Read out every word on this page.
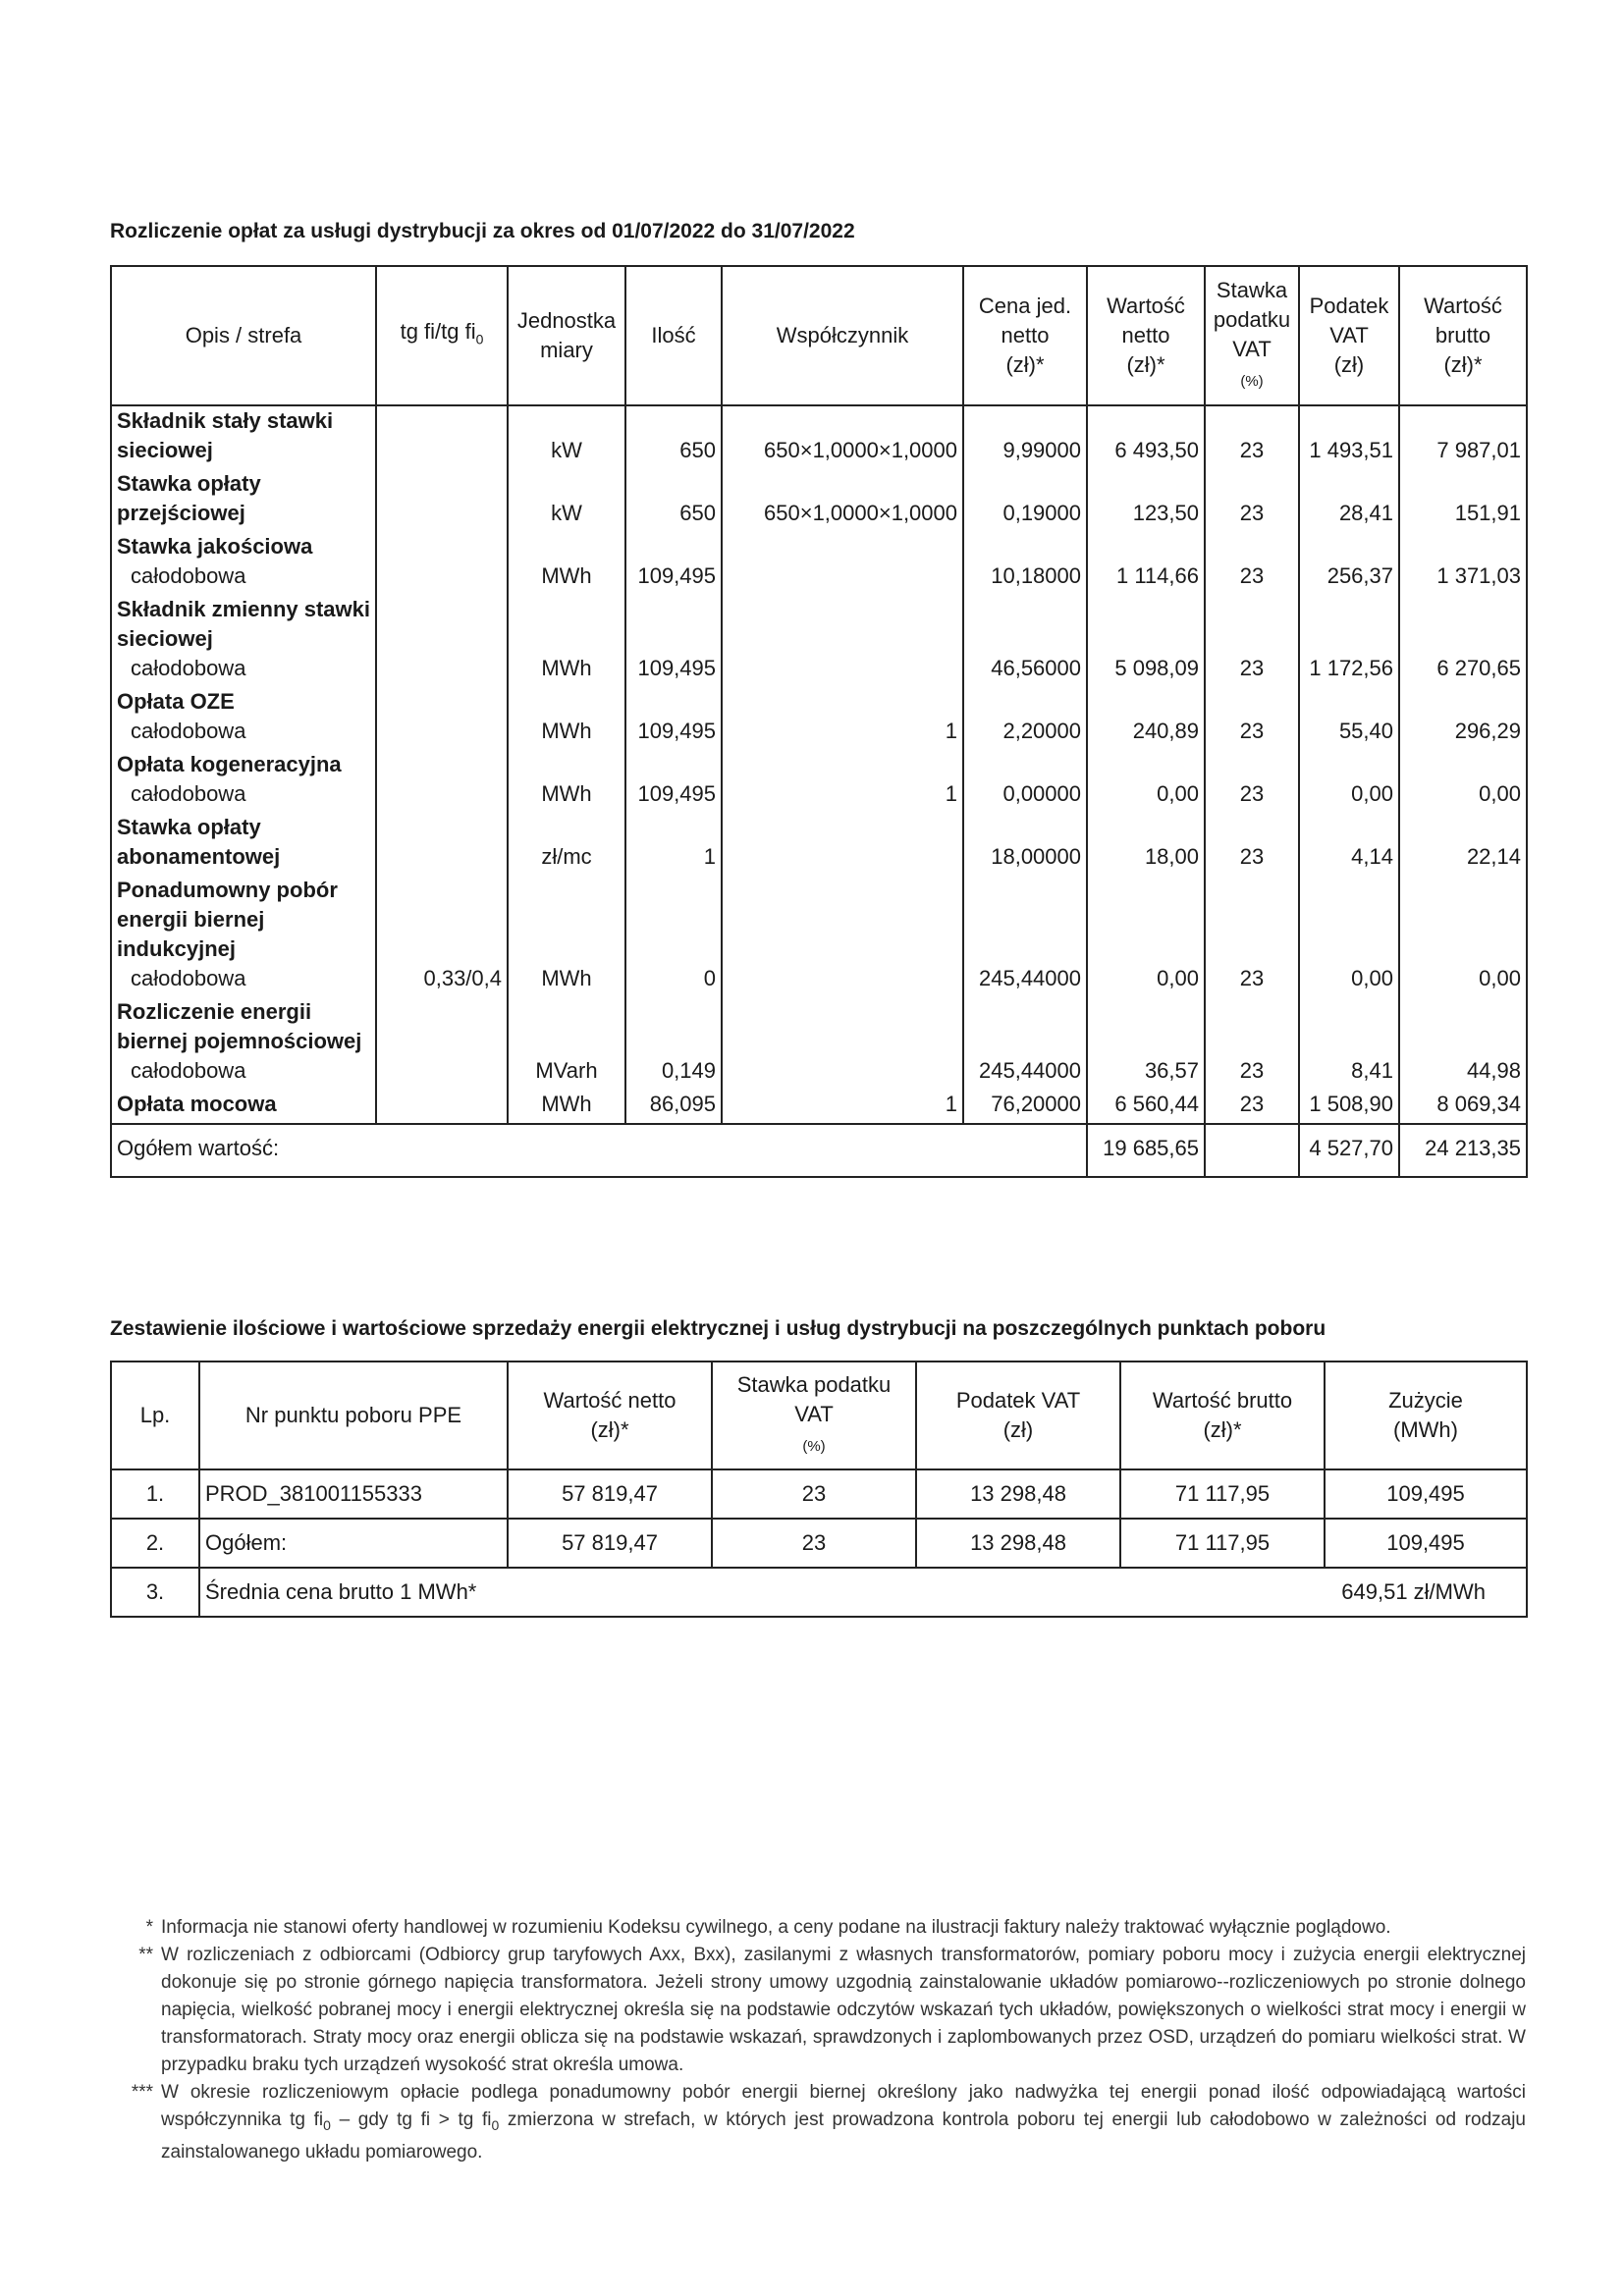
Rozliczenie opłat za usługi dystrybucji za okres od 01/07/2022 do 31/07/2022
Opis / strefa	tg fi/tg $fi_0$	Jednostka miary	Ilość	Współczynnik	Cena jed. netto
(zł)*	Wartość netto
(zł)*	Stawka podatku VAT
(%)	Podatek VAT
(zł)	Wartość brutto
(zł)*

Składnik stały stawki sieciowej		kW	650	650×1,0000×1,0000	9,99000	6 493,50	23	1 493,51	7 987,01

Stawka opłaty przejściowej		kW	650	650×1,0000×1,0000	0,19000	123,50	23	28,41	151,91

Stawka jakościowa
całodobowa		MWh	109,495		10,18000	1 114,66	23	256,37	1 371,03

Składnik zmienny stawki sieciowej
całodobowa		MWh	109,495		46,56000	5 098,09	23	1 172,56	6 270,65

Opłata OZE
całodobowa		MWh	109,495	1	2,20000	240,89	23	55,40	296,29

Opłata kogeneracyjna
całodobowa		MWh	109,495	1	0,00000	0,00	23	0,00	0,00

Stawka opłaty abonamentowej		zł/mc	1		18,00000	18,00	23	4,14	22,14

Ponadumowny pobór energii biernej indukcyjnej
całodobowa	0,33/0,4	MWh	0		245,44000	0,00	23	0,00	0,00

Rozliczenie energii biernej pojemnościowej
całodobowa		MVarh	0,149		245,44000	36,57	23	8,41	44,98

Opłata mocowa		MWh	86,095	1	76,20000	6 560,44	23	1 508,90	8 069,34
Ogółem wartość:						19 685,65		4 527,70	24 213,35
Zestawienie ilościowe i wartościowe sprzedaży energii elektrycznej i usług dystrybucji na poszczególnych punktach poboru
Lp.	Nr punktu poboru PPE	Wartość netto
(zł)*	Stawka podatku VAT
(%)	Podatek VAT
(zł)	Wartość brutto
(zł)*	Zużycie
(MWh)
1.	PROD_381001155333	57 819,47	23	13 298,48	71 117,95	109,495
2.	Ogółem:	57 819,47	23	13 298,48	71 117,95	109,495
3.	Średnia cena brutto 1 MWh* 649,51 zł/MWh					
* Informacja nie stanowi oferty handlowej w rozumieniu Kodeksu cywilnego, a ceny podane na ilustracji faktury należy traktować wyłącznie poglądowo.
** W rozliczeniach z odbiorcami (Odbiorcy grup taryfowych Axx, Bxx), zasilanymi z własnych transformatorów, pomiary poboru mocy i zużycia energii elektrycznej dokonuje się po stronie górnego napięcia transformatora. Jeżeli strony umowy uzgodnią zainstalowanie układów pomiarowo--rozliczeniowych po stronie dolnego napięcia, wielkość pobranej mocy i energii elektrycznej określa się na podstawie odczytów wskazań tych układów, powiększonych o wielkości strat mocy i energii w transformatorach. Straty mocy oraz energii oblicza się na podstawie wskazań, sprawdzonych i zaplombowanych przez OSD, urządzeń do pomiaru wielkości strat. W przypadku braku tych urządzeń wysokość strat określa umowa.
*** W okresie rozliczeniowym opłacie podlega ponadumowny pobór energii biernej określony jako nadwyżka tej energii ponad ilość odpowiadającą wartości współczynnika tg $fi_0$ – gdy tg fi > tg $fi_0$ zmierzona w strefach, w których jest prowadzona kontrola poboru tej energii lub całodobowo w zależności od rodzaju zainstalowanego układu pomiarowego.
